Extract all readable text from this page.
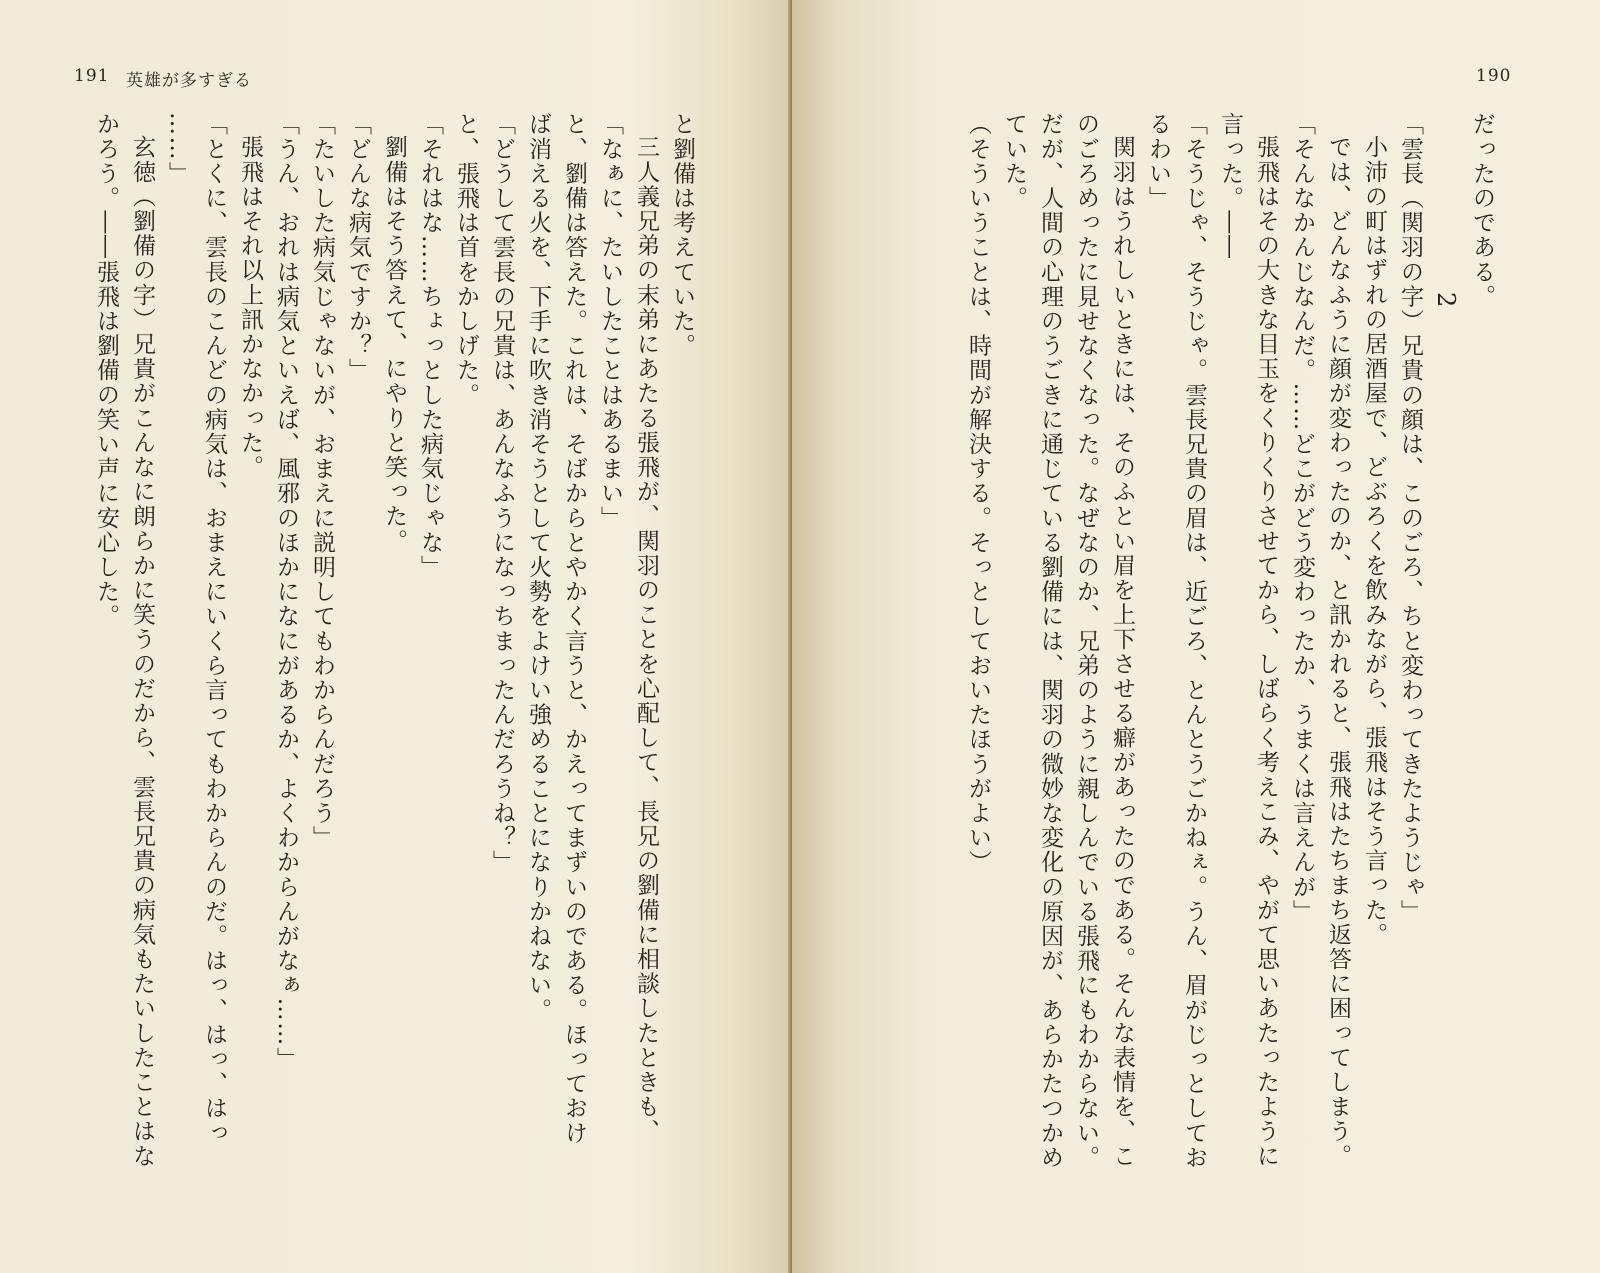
191 英雄が多すぎる
と劉備は考えていた。
三人義兄弟の末弟にあたる張飛が、関羽のことを心配して、長兄の劉備に相談したときも、
「なぁに、たいしたことはあるまい」
と、劉備は答えた。これは、そばからとやかく言うと、かえってまずいのである。ほっておけ
ば消える火を、下手に吹き消そうとして火勢をよけい強めることになりかねない。
「どうして雲長の兄貴は、あんなふうになっちまったんだろうね？」
と、張飛は首をかしげた。
「それはな……ちょっとした病気じゃな」
劉備はそう答えて、にやりと笑った。
「どんな病気ですか？」
「たいした病気じゃないが、おまえに説明してもわからんだろう」
「うん、おれは病気といえば、風邪のほかになにがあるか、よくわからんがなぁ……」
張飛はそれ以上訊かなかった。
「とくに、雲長のこんどの病気は、おまえにいくら言ってもわからんのだ。はっ、はっ、はっ
……」
玄徳（劉備の字）兄貴がこんなに朗らかに笑うのだから、雲長兄貴の病気もたいしたことはな
かろう。――張飛は劉備の笑い声に安心した。
190
だったのである。
2
「雲長（関羽の字）兄貴の顔は、このごろ、ちと変わってきたようじゃ」
小沛の町はずれの居酒屋で、どぶろくを飲みながら、張飛はそう言った。
では、どんなふうに顔が変わったのか、と訊かれると、張飛はたちまち返答に困ってしまう。
「そんなかんじなんだ。……どこがどう変わったか、うまくは言えんが」
張飛はその大きな目玉をくりくりさせてから、しばらく考えこみ、やがて思いあたったように
言った。――
「そうじゃ、そうじゃ。雲長兄貴の眉は、近ごろ、とんとうごかねぇ。うん、眉がじっとしてお
るわい」
関羽はうれしいときには、そのふとい眉を上下させる癖があったのである。そんな表情を、こ
のごろめったに見せなくなった。なぜなのか、兄弟のように親しんでいる張飛にもわからない。
だが、人間の心理のうごきに通じている劉備には、関羽の微妙な変化の原因が、あらかたつかめ
ていた。
（そういうことは、時間が解決する。そっとしておいたほうがよい）
